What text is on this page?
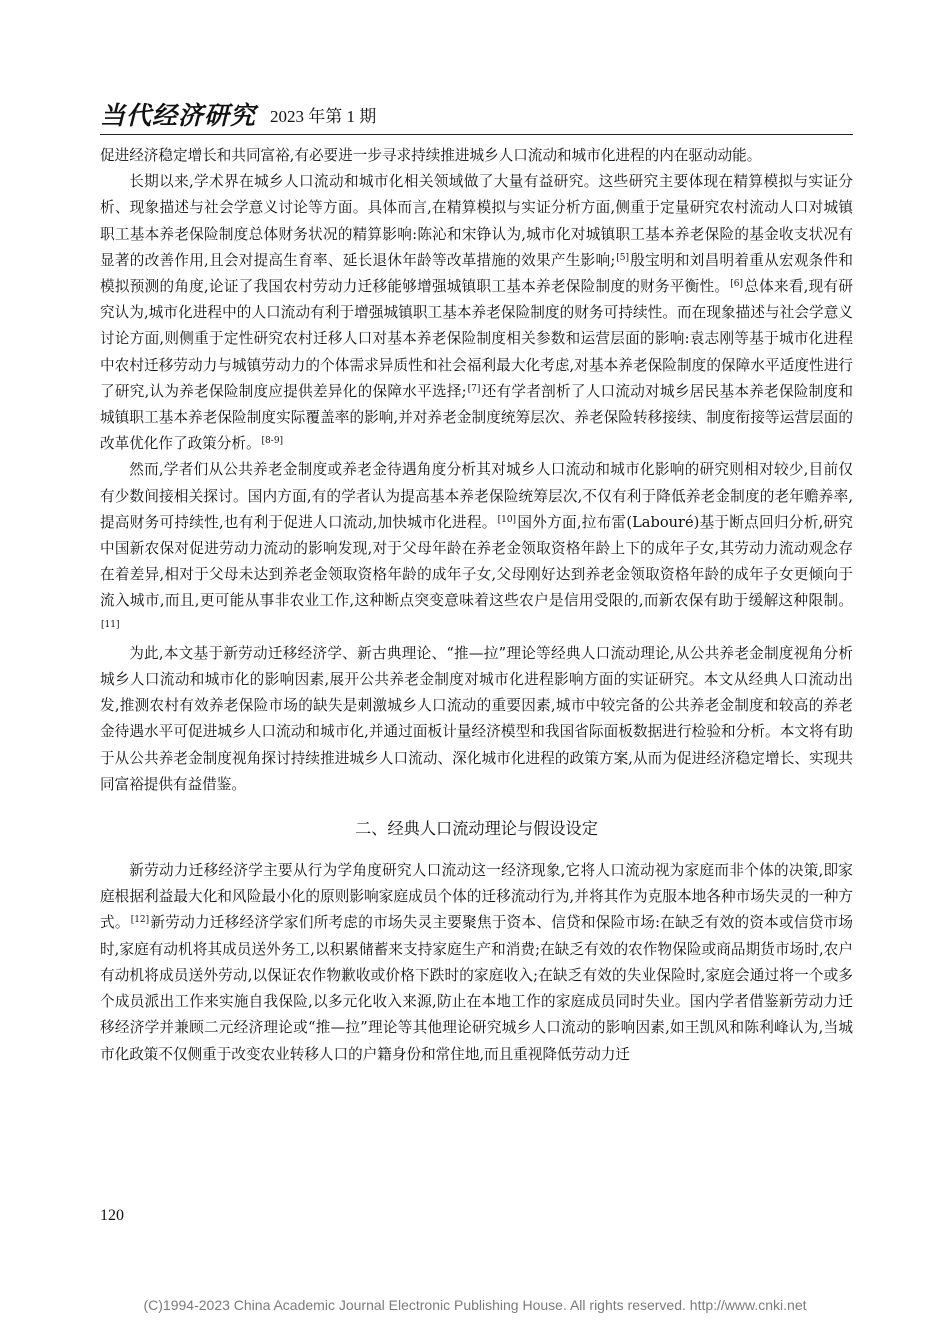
当代经济研究 2023 年第 1 期

促进经济稳定增长和共同富裕,有必要进一步寻求持续推进城乡人口流动和城市化进程的内在驱动动能。

长期以来,学术界在城乡人口流动和城市化相关领域做了大量有益研究。这些研究主要体现在精算模拟与实证分析、现象描述与社会学意义讨论等方面。具体而言,在精算模拟与实证分析方面,侧重于定量研究农村流动人口对城镇职工基本养老保险制度总体财务状况的精算影响:陈沁和宋铮认为,城市化对城镇职工基本养老保险的基金收支状况有显著的改善作用,且会对提高生育率、延长退休年龄等改革措施的效果产生影响;[5]殷宝明和刘昌明着重从宏观条件和模拟预测的角度,论证了我国农村劳动力迁移能够增强城镇职工基本养老保险制度的财务平衡性。[6]总体来看,现有研究认为,城市化进程中的人口流动有利于增强城镇职工基本养老保险制度的财务可持续性。而在现象描述与社会学意义讨论方面,则侧重于定性研究农村迁移人口对基本养老保险制度相关参数和运营层面的影响:袁志刚等基于城市化进程中农村迁移劳动力与城镇劳动力的个体需求异质性和社会福利最大化考虑,对基本养老保险制度的保障水平适度性进行了研究,认为养老保险制度应提供差异化的保障水平选择;[7]还有学者剖析了人口流动对城乡居民基本养老保险制度和城镇职工基本养老保险制度实际覆盖率的影响,并对养老金制度统筹层次、养老保险转移接续、制度衔接等运营层面的改革优化作了政策分析。[8-9]

然而,学者们从公共养老金制度或养老金待遇角度分析其对城乡人口流动和城市化影响的研究则相对较少,目前仅有少数间接相关探讨。国内方面,有的学者认为提高基本养老保险统筹层次,不仅有利于降低养老金制度的老年赡养率,提高财务可持续性,也有利于促进人口流动,加快城市化进程。[10]国外方面,拉布雷(Labouré)基于断点回归分析,研究中国新农保对促进劳动力流动的影响发现,对于父母年龄在养老金领取资格年龄上下的成年子女,其劳动力流动观念存在着差异,相对于父母未达到养老金领取资格年龄的成年子女,父母刚好达到养老金领取资格年龄的成年子女更倾向于流入城市,而且,更可能从事非农业工作,这种断点突变意味着这些农户是信用受限的,而新农保有助于缓解这种限制。[11]

为此,本文基于新劳动迁移经济学、新古典理论、“推—拉”理论等经典人口流动理论,从公共养老金制度视角分析城乡人口流动和城市化的影响因素,展开公共养老金制度对城市化进程影响方面的实证研究。本文从经典人口流动出发,推测农村有效养老保险市场的缺失是刺激城乡人口流动的重要因素,城市中较完备的公共养老金制度和较高的养老金待遇水平可促进城乡人口流动和城市化,并通过面板计量经济模型和我国省际面板数据进行检验和分析。本文将有助于从公共养老金制度视角探讨持续推进城乡人口流动、深化城市化进程的政策方案,从而为促进经济稳定增长、实现共同富裕提供有益借鉴。

二、经典人口流动理论与假设设定

新劳动力迁移经济学主要从行为学角度研究人口流动这一经济现象,它将人口流动视为家庭而非个体的决策,即家庭根据利益最大化和风险最小化的原则影响家庭成员个体的迁移流动行为,并将其作为克服本地各种市场失灵的一种方式。[12]新劳动力迁移经济学家们所考虑的市场失灵主要聚焦于资本、信贷和保险市场:在缺乏有效的资本或信贷市场时,家庭有动机将其成员送外务工,以积累储蓄来支持家庭生产和消费;在缺乏有效的农作物保险或商品期货市场时,农户有动机将成员送外劳动,以保证农作物歉收或价格下跌时的家庭收入;在缺乏有效的失业保险时,家庭会通过将一个或多个成员派出工作来实施自我保险,以多元化收入来源,防止在本地工作的家庭成员同时失业。国内学者借鉴新劳动力迁移经济学并兼顾二元经济理论或“推—拉”理论等其他理论研究城乡人口流动的影响因素,如王凯风和陈利峰认为,当城市化政策不仅侧重于改变农业转移人口的户籍身份和常住地,而且重视降低劳动力迁

120
(C)1994-2023 China Academic Journal Electronic Publishing House. All rights reserved. http://www.cnki.net
